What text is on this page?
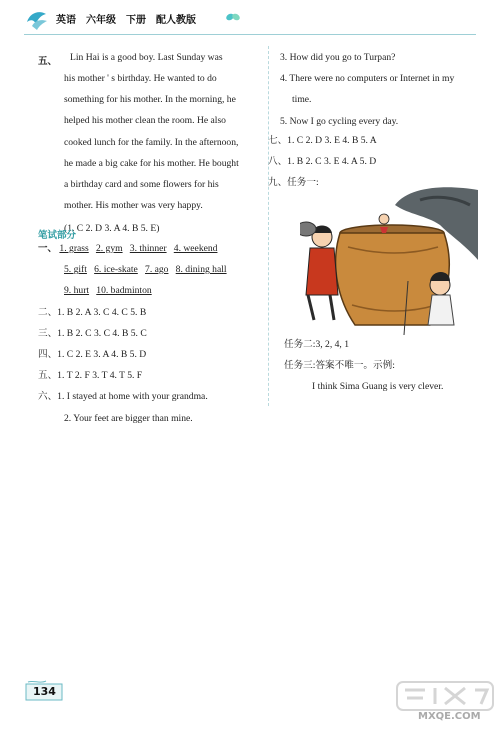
英语　六年级　下册　配人教版
五、	Lin Hai is a good boy. Last Sunday was
his mother ' s birthday. He wanted to do
something for his mother. In the morning, he
helped his mother clean the room. He also
cooked lunch for the family. In the afternoon,
he made a big cake for his mother. He bought
a birthday card and some flowers for his
mother. His mother was very happy.
(1. C 2. D 3. A 4. B 5. E)
笔试部分
一、 1. grass 2. gym 3. thinner 4. weekend
5. gift 6. ice-skate 7. ago 8. dining hall
9. hurt 10. badminton
二、1. B 2. A 3. C 4. C 5. B
三、1. B 2. C 3. C 4. B 5. C
四、1. C 2. E 3. A 4. B 5. D
五、1. T 2. F 3. T 4. T 5. F
六、1. I stayed at home with your grandma.
2. Your feet are bigger than mine.
3. How did you go to Turpan?
4. There were no computers or Internet in my
time.
5. Now I go cycling every day.
七、1. C 2. D 3. E 4. B 5. A
八、1. B 2. C 3. E 4. A 5. D
九、任务一:
任务二:3, 2, 4, 1
任务三:答案不唯一。示例:
I think Sima Guang is very clever.
134
MXQE.COM
